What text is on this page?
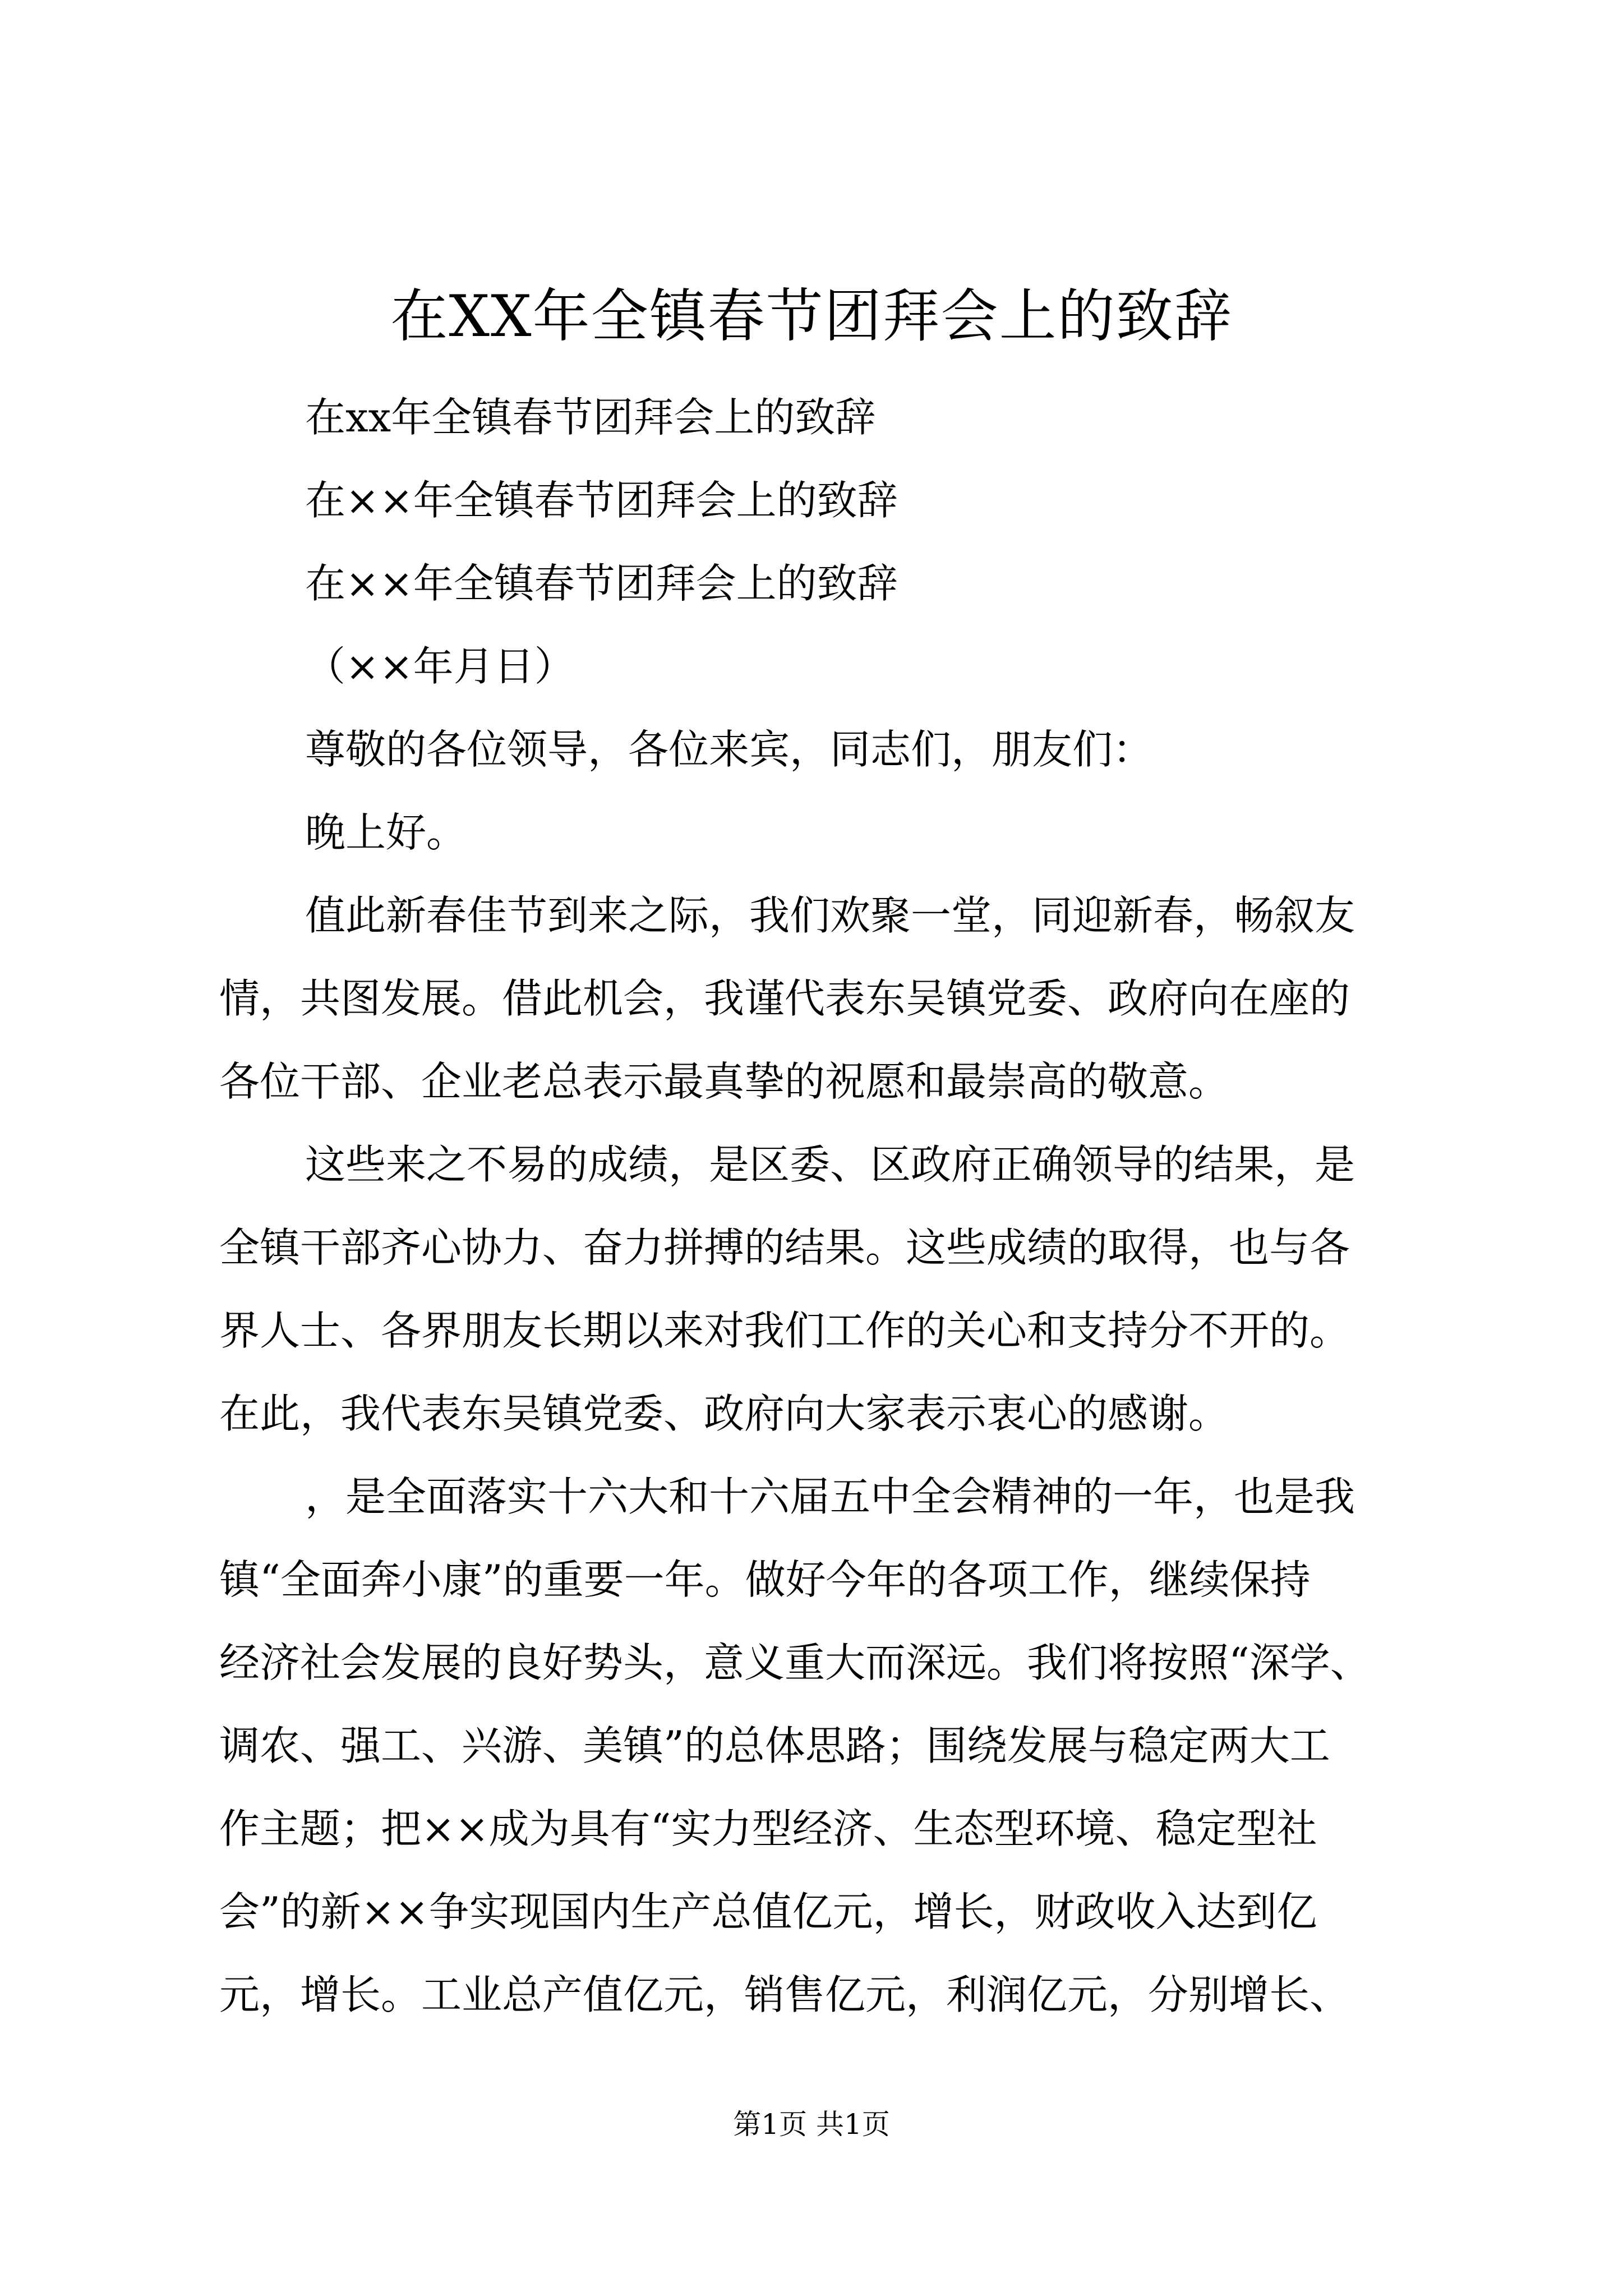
在XX年全镇春节团拜会上的致辞
在xx年全镇春节团拜会上的致辞
在××年全镇春节团拜会上的致辞
在××年全镇春节团拜会上的致辞
（××年月日）
尊敬的各位领导，各位来宾，同志们，朋友们：
晚上好。
值此新春佳节到来之际，我们欢聚一堂，同迎新春，畅叙友
情，共图发展。借此机会，我谨代表东吴镇党委、政府向在座的
各位干部、企业老总表示最真挚的祝愿和最崇高的敬意。
这些来之不易的成绩，是区委、区政府正确领导的结果，是
全镇干部齐心协力、奋力拼搏的结果。这些成绩的取得，也与各
界人士、各界朋友长期以来对我们工作的关心和支持分不开的。
在此，我代表东吴镇党委、政府向大家表示衷心的感谢。
，是全面落实十六大和十六届五中全会精神的一年，也是我
镇“全面奔小康”的重要一年。做好今年的各项工作，继续保持
经济社会发展的良好势头，意义重大而深远。我们将按照“深学、
调农、强工、兴游、美镇”的总体思路；围绕发展与稳定两大工
作主题；把××成为具有“实力型经济、生态型环境、稳定型社
会”的新××争实现国内生产总值亿元，增长，财政收入达到亿
元，增长。工业总产值亿元，销售亿元，利润亿元，分别增长、
第1页 共1页
